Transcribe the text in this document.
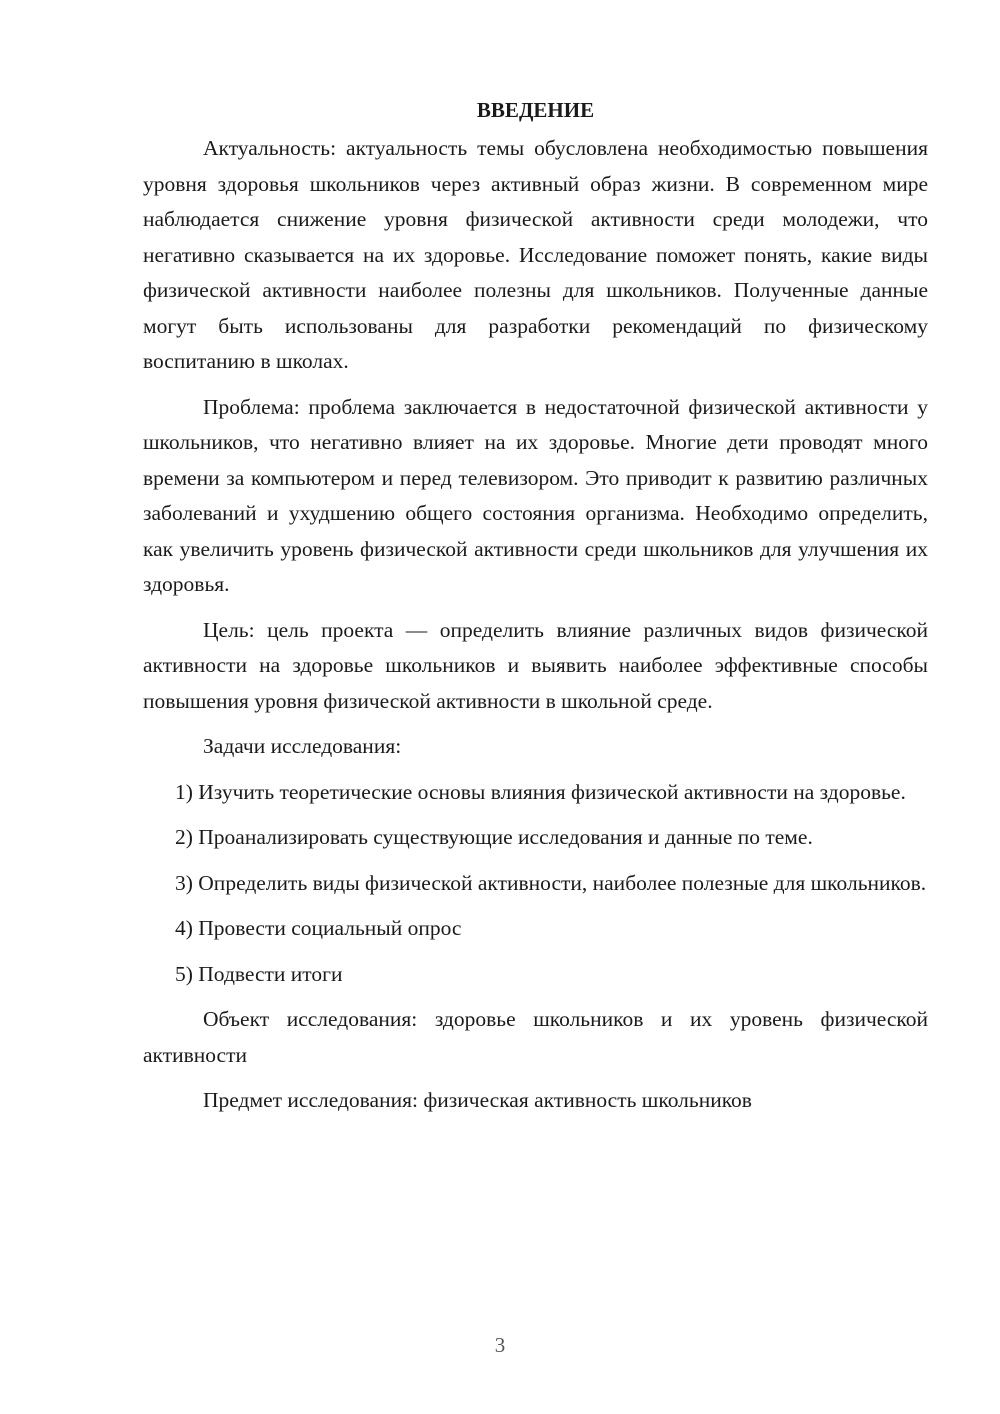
ВВЕДЕНИЕ

Актуальность: актуальность темы обусловлена необходимостью повышения уровня здоровья школьников через активный образ жизни. В современном мире наблюдается снижение уровня физической активности среди молодежи, что негативно сказывается на их здоровье. Исследование поможет понять, какие виды физической активности наиболее полезны для школьников. Полученные данные могут быть использованы для разработки рекомендаций по физическому воспитанию в школах.

Проблема: проблема заключается в недостаточной физической активности у школьников, что негативно влияет на их здоровье. Многие дети проводят много времени за компьютером и перед телевизором. Это приводит к развитию различных заболеваний и ухудшению общего состояния организма. Необходимо определить, как увеличить уровень физической активности среди школьников для улучшения их здоровья.

Цель: цель проекта — определить влияние различных видов физической активности на здоровье школьников и выявить наиболее эффективные способы повышения уровня физической активности в школьной среде.

Задачи исследования:

1) Изучить теоретические основы влияния физической активности на здоровье.

2) Проанализировать существующие исследования и данные по теме.

3) Определить виды физической активности, наиболее полезные для школьников.

4) Провести социальный опрос

5) Подвести итоги

Объект исследования: здоровье школьников и их уровень физической активности

Предмет исследования: физическая активность школьников

3
